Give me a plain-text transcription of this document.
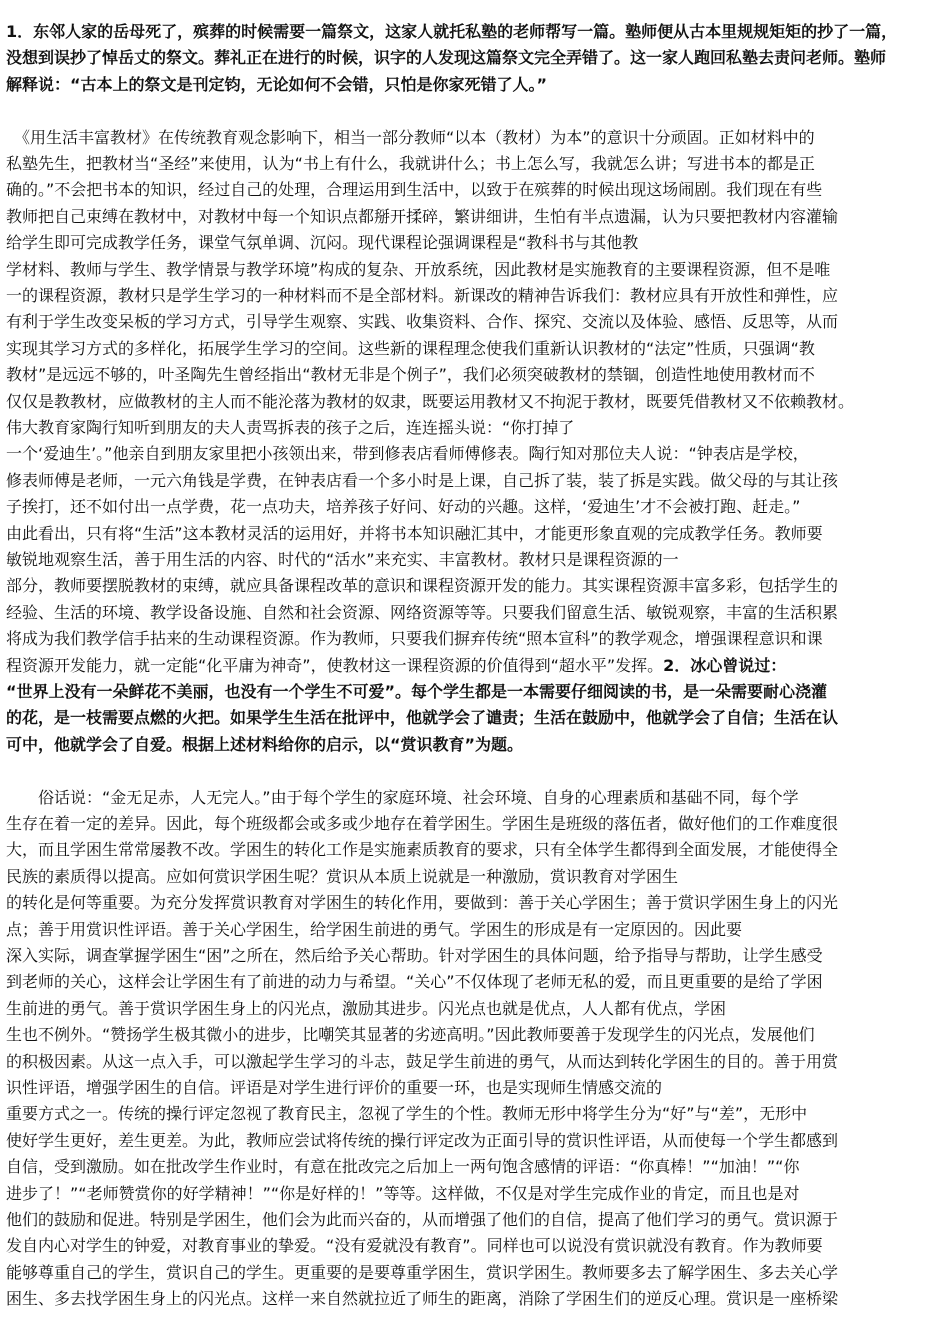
1．东邻人家的岳母死了，殡葬的时候需要一篇祭文，这家人就托私塾的老师帮写一篇。塾师便从古本里规规矩矩的抄了一篇，
没想到误抄了悼岳丈的祭文。葬礼正在进行的时候，识字的人发现这篇祭文完全弄错了。这一家人跑回私塾去责问老师。塾师
解释说：“古本上的祭文是刊定钧，无论如何不会错，只怕是你家死错了人。”
　《用生活丰富教材》在传统教育观念影响下，相当一部分教师“以本（教材）为本”的意识十分顽固。正如材料中的
私塾先生，把教材当“圣经”来使用，认为“书上有什么，我就讲什么；书上怎么写，我就怎么讲；写进书本的都是正
确的。”不会把书本的知识，经过自己的处理，合理运用到生活中，以致于在殡葬的时候出现这场闹剧。我们现在有些
教师把自己束缚在教材中，对教材中每一个知识点都掰开揉碎，繁讲细讲，生怕有半点遗漏，认为只要把教材内容灌输
给学生即可完成教学任务，课堂气氛单调、沉闷。现代课程论强调课程是“教科书与其他教
学材料、教师与学生、教学情景与教学环境”构成的复杂、开放系统，因此教材是实施教育的主要课程资源，但不是唯
一的课程资源，教材只是学生学习的一种材料而不是全部材料。新课改的精神告诉我们：教材应具有开放性和弹性，应
有利于学生改变呆板的学习方式，引导学生观察、实践、收集资料、合作、探究、交流以及体验、感悟、反思等，从而
实现其学习方式的多样化，拓展学生学习的空间。这些新的课程理念使我们重新认识教材的“法定”性质，只强调“教
教材”是远远不够的，叶圣陶先生曾经指出“教材无非是个例子”，我们必须突破教材的禁锢，创造性地使用教材而不
仅仅是教教材，应做教材的主人而不能沦落为教材的奴隶，既要运用教材又不拘泥于教材，既要凭借教材又不依赖教材。
伟大教育家陶行知听到朋友的夫人责骂拆表的孩子之后，连连摇头说：“你打掉了
一个‘爱迪生’。”他亲自到朋友家里把小孩领出来，带到修表店看师傅修表。陶行知对那位夫人说：“钟表店是学校，
修表师傅是老师，一元六角钱是学费，在钟表店看一个多小时是上课，自己拆了装，装了拆是实践。做父母的与其让孩
子挨打，还不如付出一点学费，花一点功夫，培养孩子好问、好动的兴趣。这样，‘爱迪生’才不会被打跑、赶走。”
由此看出，只有将“生活”这本教材灵活的运用好，并将书本知识融汇其中，才能更形象直观的完成教学任务。教师要
敏锐地观察生活，善于用生活的内容、时代的“活水”来充实、丰富教材。教材只是课程资源的一
部分，教师要摆脱教材的束缚，就应具备课程改革的意识和课程资源开发的能力。其实课程资源丰富多彩，包括学生的
经验、生活的环境、教学设备设施、自然和社会资源、网络资源等等。只要我们留意生活、敏锐观察，丰富的生活积累
将成为我们教学信手拈来的生动课程资源。作为教师，只要我们摒弃传统“照本宣科”的教学观念，增强课程意识和课
程资源开发能力，就一定能“化平庸为神奇”，使教材这一课程资源的价值得到“超水平”发挥。2．冰心曾说过：
“世界上没有一朵鲜花不美丽，也没有一个学生不可爱”。每个学生都是一本需要仔细阅读的书，是一朵需要耐心浇灌
的花，是一枝需要点燃的火把。如果学生生活在批评中，他就学会了谴责；生活在鼓励中，他就学会了自信；生活在认
可中，他就学会了自爱。根据上述材料给你的启示，以“赏识教育”为题。
　　俗话说：“金无足赤，人无完人。”由于每个学生的家庭环境、社会环境、自身的心理素质和基础不同，每个学
生存在着一定的差异。因此，每个班级都会或多或少地存在着学困生。学困生是班级的落伍者，做好他们的工作难度很
大，而且学困生常常屡教不改。学困生的转化工作是实施素质教育的要求，只有全体学生都得到全面发展，才能使得全
民族的素质得以提高。应如何赏识学困生呢？赏识从本质上说就是一种激励，赏识教育对学困生
的转化是何等重要。为充分发挥赏识教育对学困生的转化作用，要做到：善于关心学困生；善于赏识学困生身上的闪光
点；善于用赏识性评语。善于关心学困生，给学困生前进的勇气。学困生的形成是有一定原因的。因此要
深入实际，调查掌握学困生“困”之所在，然后给予关心帮助。针对学困生的具体问题，给予指导与帮助，让学生感受
到老师的关心，这样会让学困生有了前进的动力与希望。“关心”不仅体现了老师无私的爱，而且更重要的是给了学困
生前进的勇气。善于赏识学困生身上的闪光点，激励其进步。闪光点也就是优点，人人都有优点，学困
生也不例外。“赞扬学生极其微小的进步，比嘲笑其显著的劣迹高明。”因此教师要善于发现学生的闪光点，发展他们
的积极因素。从这一点入手，可以激起学生学习的斗志，鼓足学生前进的勇气，从而达到转化学困生的目的。善于用赏
识性评语，增强学困生的自信。评语是对学生进行评价的重要一环，也是实现师生情感交流的
重要方式之一。传统的操行评定忽视了教育民主，忽视了学生的个性。教师无形中将学生分为“好”与“差”，无形中
使好学生更好，差生更差。为此，教师应尝试将传统的操行评定改为正面引导的赏识性评语，从而使每一个学生都感到
自信，受到激励。如在批改学生作业时，有意在批改完之后加上一两句饱含感情的评语：“你真棒！”“加油！”“你
进步了！”“老师赞赏你的好学精神！”“你是好样的！”等等。这样做，不仅是对学生完成作业的肯定，而且也是对
他们的鼓励和促进。特别是学困生，他们会为此而兴奋的，从而增强了他们的自信，提高了他们学习的勇气。赏识源于
发自内心对学生的钟爱，对教育事业的挚爱。“没有爱就没有教育”。同样也可以说没有赏识就没有教育。作为教师要
能够尊重自己的学生，赏识自己的学生。更重要的是要尊重学困生，赏识学困生。教师要多去了解学困生、多去关心学
困生、多去找学困生身上的闪光点。这样一来自然就拉近了师生的距离，消除了学困生们的逆反心理。赏识是一座桥梁
